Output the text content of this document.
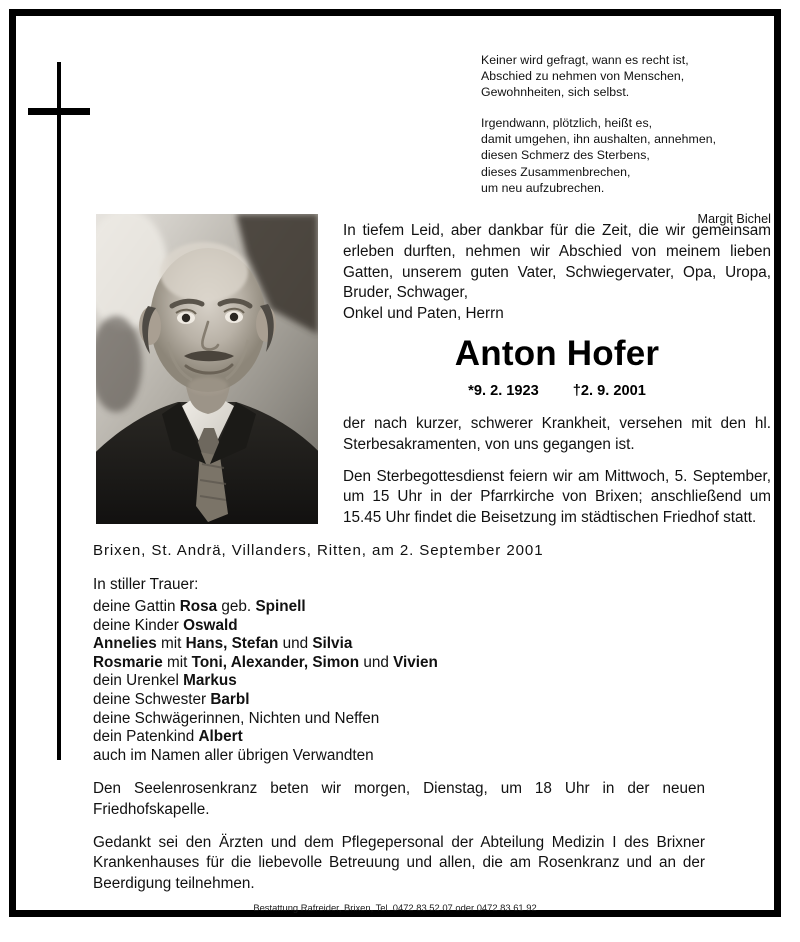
Keiner wird gefragt, wann es recht ist,
Abschied zu nehmen von Menschen,
Gewohnheiten, sich selbst.
Irgendwann, plötzlich, heißt es,
damit umgehen, ihn aushalten, annehmen,
diesen Schmerz des Sterbens,
dieses Zusammenbrechen,
um neu aufzubrechen.
Margit Bichel
In tiefem Leid, aber dankbar für die Zeit, die wir gemeinsam erleben durften, nehmen wir Abschied von meinem lieben Gatten, unserem guten Vater, Schwiegervater, Opa, Uropa, Bruder, Schwager,
Onkel und Paten, Herrn
Anton Hofer
*9. 2. 1923 †2. 9. 2001

der nach kurzer, schwerer Krankheit, versehen mit den hl. Sterbesakramenten, von uns gegangen ist.

Den Sterbegottesdienst feiern wir am Mittwoch, 5. September, um 15 Uhr in der Pfarrkirche von Brixen; anschließend um 15.45 Uhr findet die Beisetzung im städtischen Friedhof statt.

Brixen, St. Andrä, Villanders, Ritten, am 2. September 2001
In stiller Trauer:
deine Gattin Rosa geb. Spinell
deine Kinder Oswald
Annelies mit Hans, Stefan und Silvia
Rosmarie mit Toni, Alexander, Simon und Vivien
dein Urenkel Markus
deine Schwester Barbl
deine Schwägerinnen, Nichten und Neffen
dein Patenkind Albert
auch im Namen aller übrigen Verwandten

Den Seelenrosenkranz beten wir morgen, Dienstag, um 18 Uhr in der neuen Friedhofskapelle.

Gedankt sei den Ärzten und dem Pflegepersonal der Abteilung Medizin I des Brixner Krankenhauses für die liebevolle Betreuung und allen, die am Rosenkranz und an der Beerdigung teilnehmen.

Bestattung Rafreider, Brixen, Tel. 0472 83 52 07 oder 0472 83 61 92
